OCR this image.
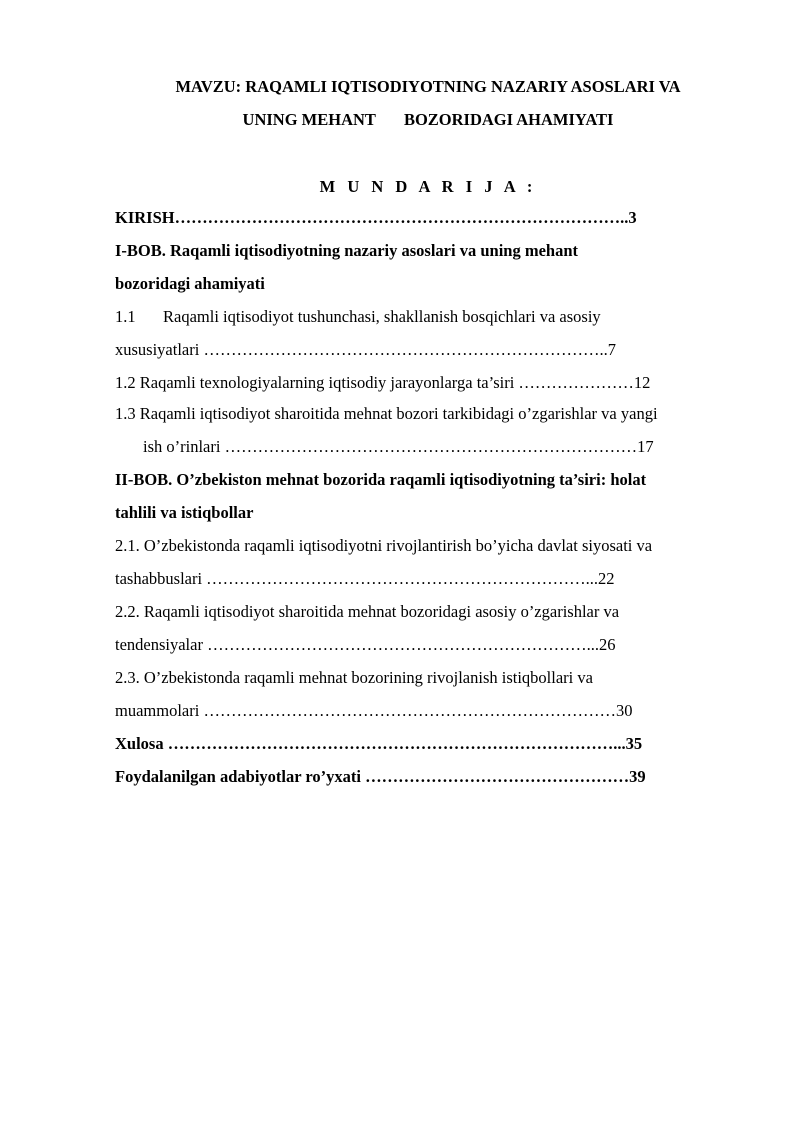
MAVZU: RAQAMLI IQTISODIYOTNING NAZARIY ASOSLARI VA
UNING MEHANT BOZORIDAGI AHAMIYATI
M U N D A R I J A :
KIRISH………………………………………………………………………..3
I-BOB. Raqamli iqtisodiyotning nazariy asoslari va uning mehant
bozoridagi ahamiyati
1.1 Raqamli iqtisodiyot tushunchasi, shakllanish bosqichlari va asosiy
xususiyatlari ………………………………………………………………..7
1.2 Raqamli texnologiyalarning iqtisodiy jarayonlarga ta’siri …………………12
1.3 Raqamli iqtisodiyot sharoitida mehnat bozori tarkibidagi o’zgarishlar va yangi
ish o’rinlari …………………………………………………………………17
II-BOB. O’zbekiston mehnat bozorida raqamli iqtisodiyotning ta’siri: holat
tahlili va istiqbollar
2.1. O’zbekistonda raqamli iqtisodiyotni rivojlantirish bo’yicha davlat siyosati va
tashabbuslari ……………………………………………………………...22
2.2. Raqamli iqtisodiyot sharoitida mehnat bozoridagi asosiy o’zgarishlar va
tendensiyalar ……………………………………………………………...26
2.3. O’zbekistonda raqamli mehnat bozorining rivojlanish istiqbollari va
muammolari …………………………………………………………………30
Xulosa ………………………………………………………………………...35
Foydalanilgan adabiyotlar ro’yxati …………………………………………39
